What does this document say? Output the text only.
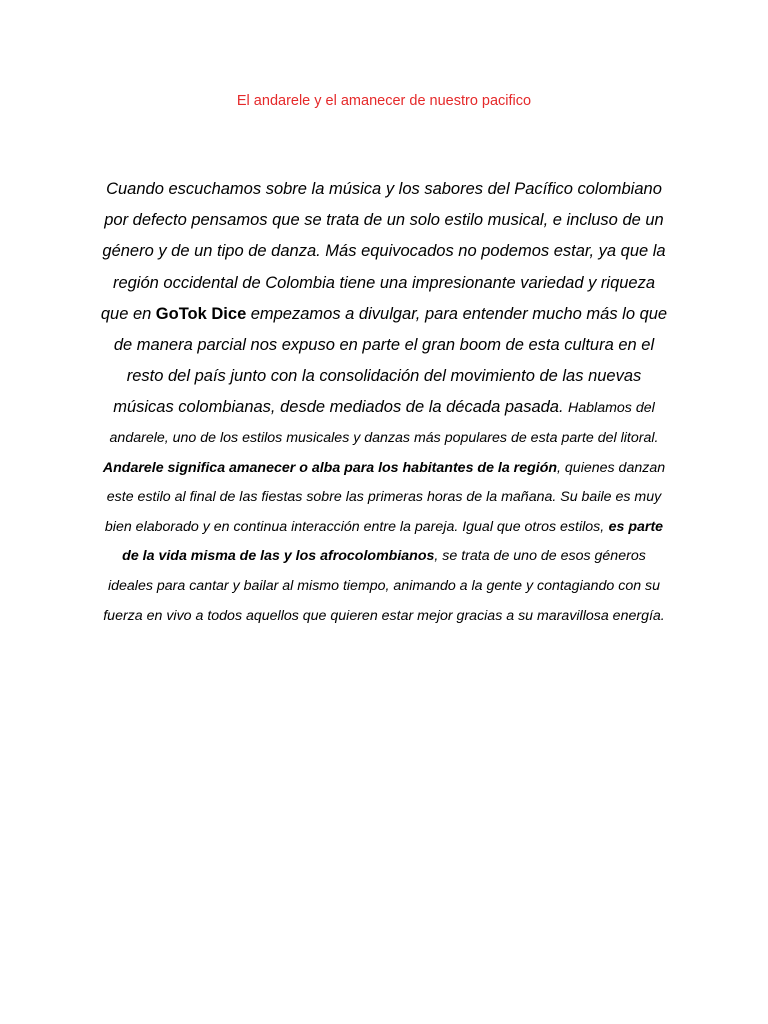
El andarele y el amanecer de nuestro pacifico

Cuando escuchamos sobre la música y los sabores del Pacífico colombiano por defecto pensamos que se trata de un solo estilo musical, e incluso de un género y de un tipo de danza. Más equivocados no podemos estar, ya que la región occidental de Colombia tiene una impresionante variedad y riqueza que en GoTok Dice empezamos a divulgar, para entender mucho más lo que de manera parcial nos expuso en parte el gran boom de esta cultura en el resto del país junto con la consolidación del movimiento de las nuevas músicas colombianas, desde mediados de la década pasada. Hablamos del andarele, uno de los estilos musicales y danzas más populares de esta parte del litoral. Andarele significa amanecer o alba para los habitantes de la región, quienes danzan este estilo al final de las fiestas sobre las primeras horas de la mañana. Su baile es muy bien elaborado y en continua interacción entre la pareja. Igual que otros estilos, es parte de la vida misma de las y los afrocolombianos, se trata de uno de esos géneros ideales para cantar y bailar al mismo tiempo, animando a la gente y contagiando con su fuerza en vivo a todos aquellos que quieren estar mejor gracias a su maravillosa energía.
